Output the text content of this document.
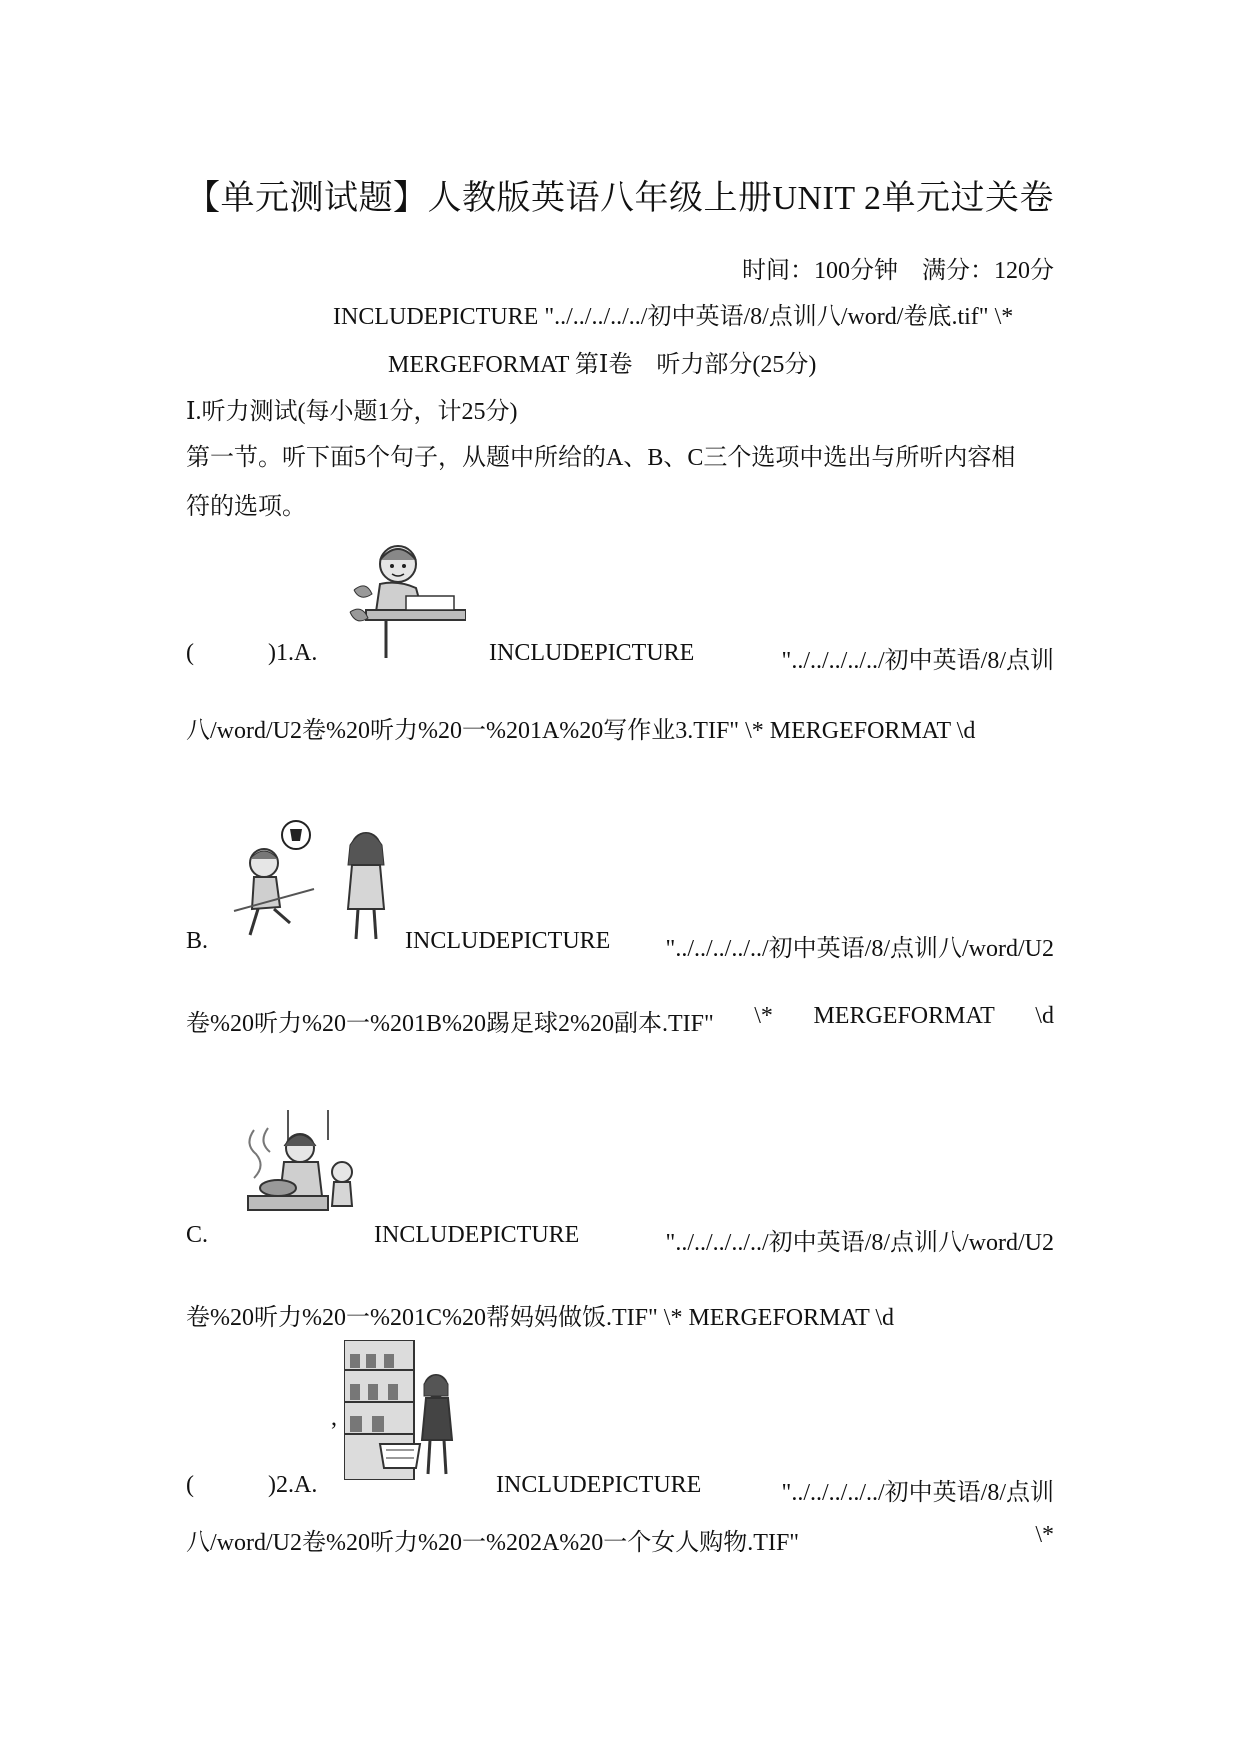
【单元测试题】人教版英语八年级上册UNIT 2单元过关卷
时间：100分钟　满分：120分
INCLUDEPICTURE "../../../../../初中英语/8/点训八/word/卷底.tif" \*
MERGEFORMAT 第Ⅰ卷　听力部分(25分)
Ⅰ.听力测试(每小题1分，计25分)
第一节。听下面5个句子，从题中所给的A、B、C三个选项中选出与所听内容相
符的选项。
(	)1.A.	INCLUDEPICTURE	"../../../../../初中英语/8/点训
八/word/U2卷%20听力%20一%201A%20写作业3.TIF" \* MERGEFORMAT \d
B.	INCLUDEPICTURE "../../../../../初中英语/8/点训八/word/U2
卷%20听力%20一%201B%20踢足球2%20副本.TIF" \* MERGEFORMAT \d
C.	INCLUDEPICTURE	"../../../../../初中英语/8/点训八/word/U2
卷%20听力%20一%201C%20帮妈妈做饭.TIF" \* MERGEFORMAT \d
,
(	)2.A.	INCLUDEPICTURE	"../../../../../初中英语/8/点训
八/word/U2卷%20听力%20一%202A%20一个女人购物.TIF"	\*
